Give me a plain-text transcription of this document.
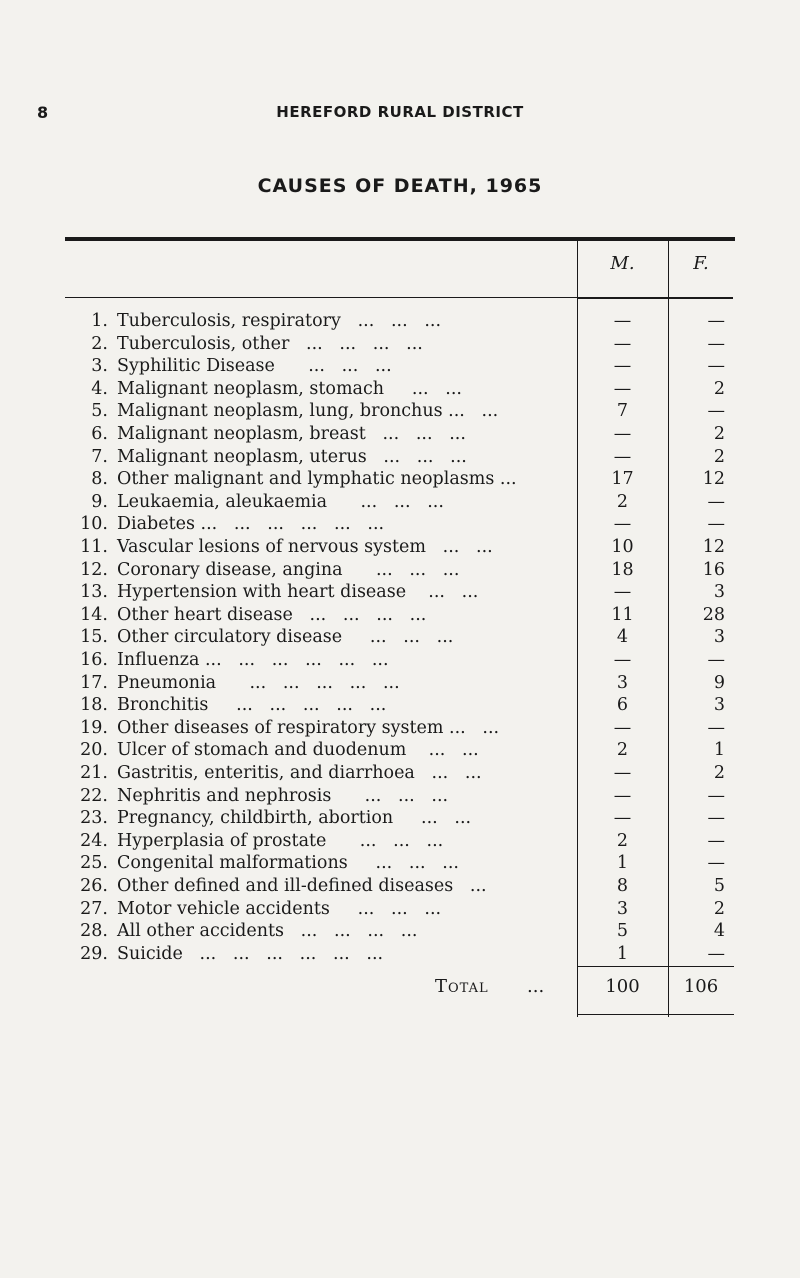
8	HEREFORD RURAL DISTRICT
CAUSES OF DEATH, 1965
M.	F.
1. Tuberculosis, respiratory   ...   ...   ...	—	—
2. Tuberculosis, other   ...   ...   ...   ...	—	—
3. Syphilitic Disease      ...   ...   ...	—	—
4. Malignant neoplasm, stomach     ...   ...	—	2
5. Malignant neoplasm, lung, bronchus ...   ...	7	—
6. Malignant neoplasm, breast   ...   ...   ...	—	2
7. Malignant neoplasm, uterus   ...   ...   ...	—	2
8. Other malignant and lymphatic neoplasms ...	17	12
9. Leukaemia, aleukaemia      ...   ...   ...	2	—
10. Diabetes ...   ...   ...   ...   ...   ...	—	—
11. Vascular lesions of nervous system   ...   ...	10	12
12. Coronary disease, angina      ...   ...   ...	18	16
13. Hypertension with heart disease    ...   ...	—	3
14. Other heart disease   ...   ...   ...   ...	11	28
15. Other circulatory disease     ...   ...   ...	4	3
16. Influenza ...   ...   ...   ...   ...   ...	—	—
17. Pneumonia      ...   ...   ...   ...   ...	3	9
18. Bronchitis     ...   ...   ...   ...   ...	6	3
19. Other diseases of respiratory system ...   ...	—	—
20. Ulcer of stomach and duodenum    ...   ...	2	1
21. Gastritis, enteritis, and diarrhoea   ...   ...	—	2
22. Nephritis and nephrosis      ...   ...   ...	—	—
23. Pregnancy, childbirth, abortion     ...   ...	—	—
24. Hyperplasia of prostate      ...   ...   ...	2	—
25. Congenital malformations     ...   ...   ...	1	—
26. Other defined and ill-defined diseases   ...	8	5
27. Motor vehicle accidents     ...   ...   ...	3	2
28. All other accidents   ...   ...   ...   ...	5	4
29. Suicide   ...   ...   ...   ...   ...   ...	1	—
Total ...	100	106
